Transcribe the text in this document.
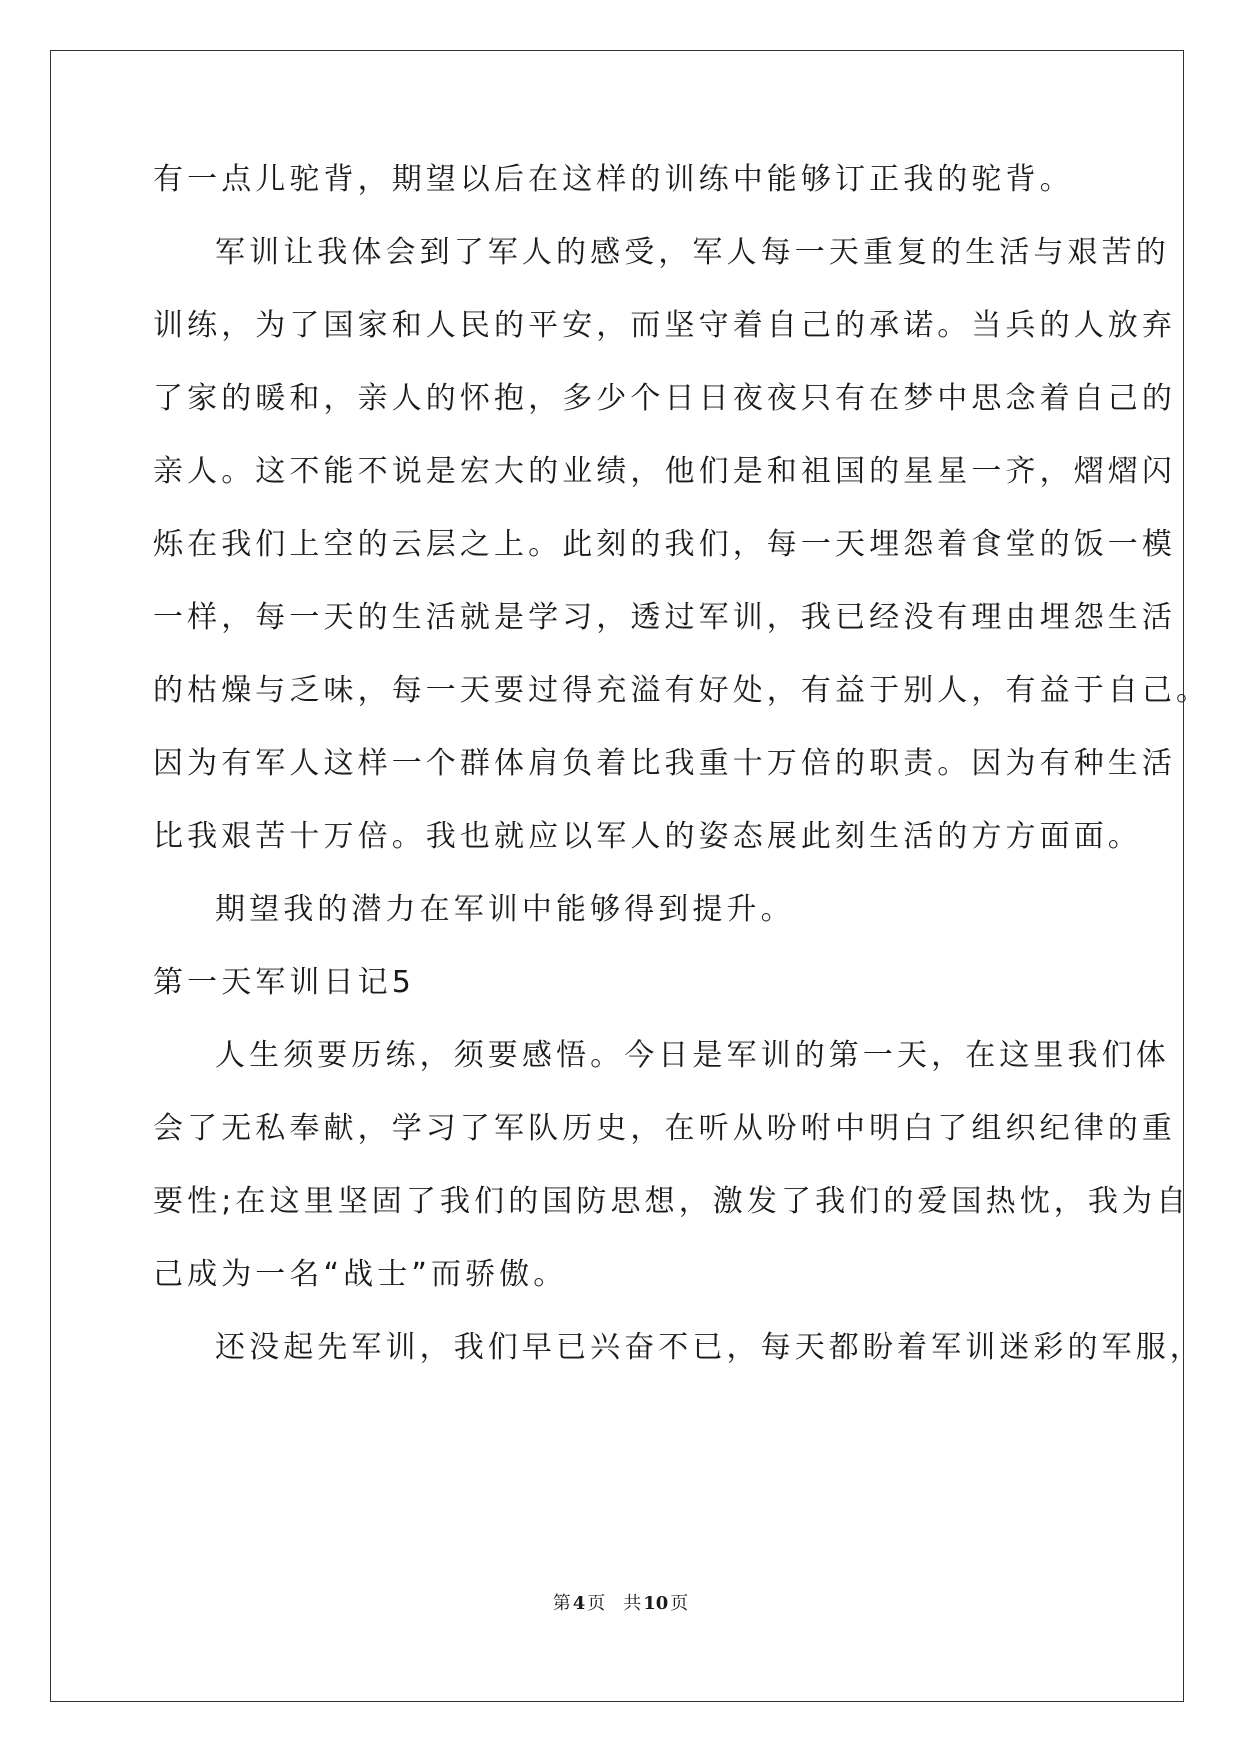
有一点儿驼背，期望以后在这样的训练中能够订正我的驼背。
军训让我体会到了军人的感受，军人每一天重复的生活与艰苦的
训练，为了国家和人民的平安，而坚守着自己的承诺。当兵的人放弃
了家的暖和，亲人的怀抱，多少个日日夜夜只有在梦中思念着自己的
亲人。这不能不说是宏大的业绩，他们是和祖国的星星一齐，熠熠闪
烁在我们上空的云层之上。此刻的我们，每一天埋怨着食堂的饭一模
一样，每一天的生活就是学习，透过军训，我已经没有理由埋怨生活
的枯燥与乏味，每一天要过得充溢有好处，有益于别人，有益于自己。
因为有军人这样一个群体肩负着比我重十万倍的职责。因为有种生活
比我艰苦十万倍。我也就应以军人的姿态展此刻生活的方方面面。
期望我的潜力在军训中能够得到提升。
第一天军训日记5
人生须要历练，须要感悟。今日是军训的第一天，在这里我们体
会了无私奉献，学习了军队历史，在听从吩咐中明白了组织纪律的重
要性;在这里坚固了我们的国防思想，激发了我们的爱国热忱，我为自
己成为一名“战士”而骄傲。
还没起先军训，我们早已兴奋不已，每天都盼着军训迷彩的军服，
第 4 页 共 10 页
